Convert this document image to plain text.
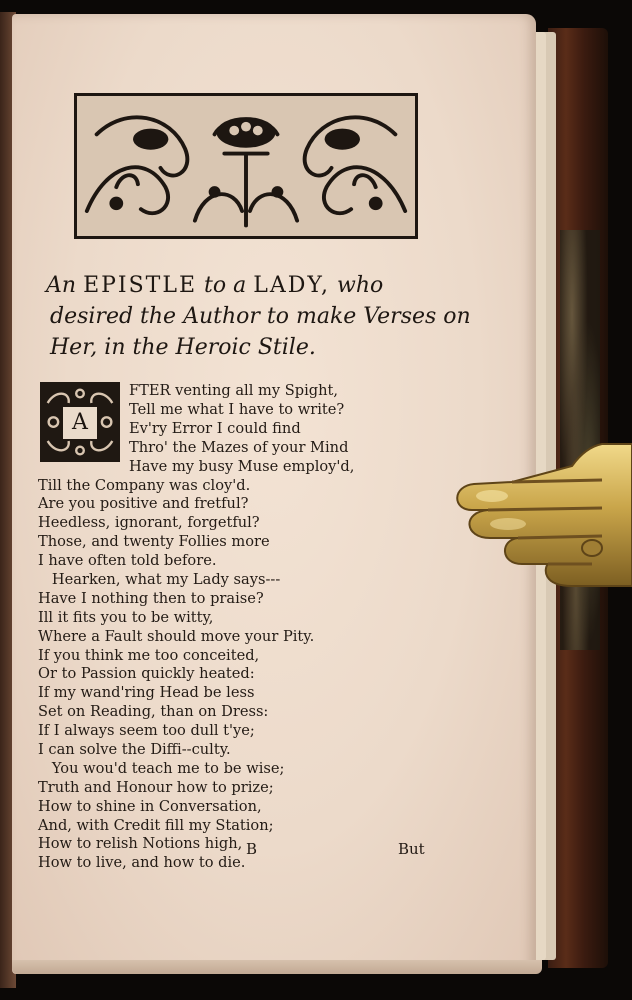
An EPISTLE to a LADY, who
desired the Author to make Verses on
Her, in the Heroic Stile.
A
FTER venting all my Spight,
Tell me what I have to write?
Ev'ry Error I could find
Thro' the Mazes of your Mind
Have my busy Muse employ'd,
Till the Company was cloy'd.
Are you positive and fretful?
Heedless, ignorant, forgetful?
Those, and twenty Follies more
I have often told before.
Hearken, what my Lady says---
Have I nothing then to praise?
Ill it fits you to be witty,
Where a Fault should move your Pity.
If you think me too conceited,
Or to Passion quickly heated:
If my wand'ring Head be less
Set on Reading, than on Dress:
If I always seem too dull t'ye;
I can solve the Diffi--culty.
You wou'd teach me to be wise;
Truth and Honour how to prize;
How to shine in Conversation,
And, with Credit fill my Station;
How to relish Notions high,
How to live, and how to die.
B	But
